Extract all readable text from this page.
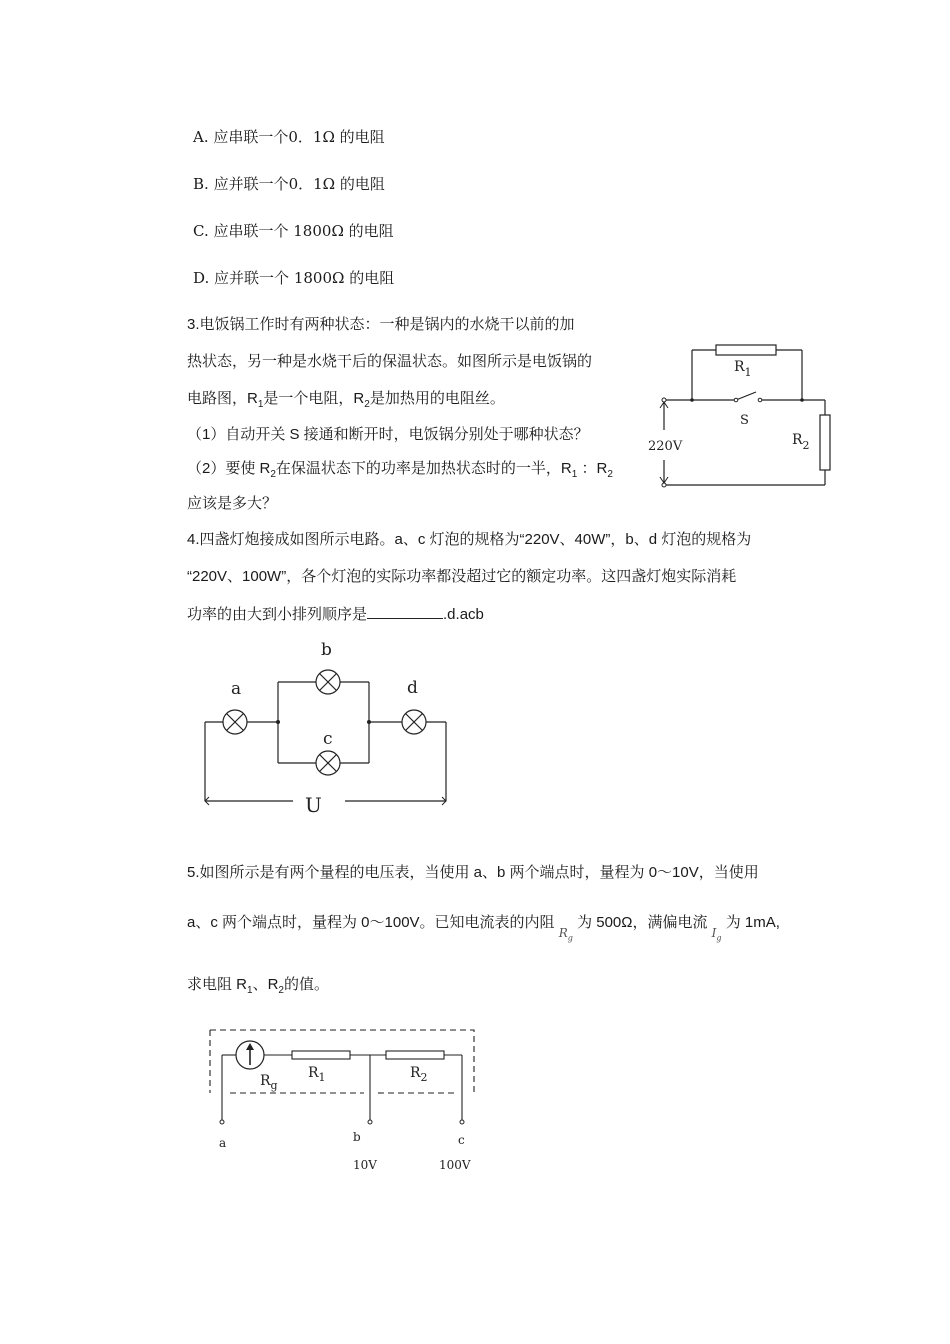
A. 应串联一个0．1Ω 的电阻
B. 应并联一个0．1Ω 的电阻
C. 应串联一个 1800Ω 的电阻
D. 应并联一个 1800Ω 的电阻
3.电饭锅工作时有两种状态：一种是锅内的水烧干以前的加
热状态，另一种是水烧干后的保温状态。如图所示是电饭锅的
电路图，$R_1$是一个电阻，$R_2$是加热用的电阻丝。
（1）自动开关 S 接通和断开时，电饭锅分别处于哪种状态？
（2）要使 $R_2$在保温状态下的功率是加热状态时的一半，$R_1$ ：$R_2$
应该是多大？
$R_1$
S
220V	$R_2$
4.四盏灯炮接成如图所示电路。a、c 灯泡的规格为“220V、40W”，b、d 灯泡的规格为
“220V、100W”，各个灯泡的实际功率都没超过它的额定功率。这四盏灯炮实际消耗
功率的由大到小排列顺序是	.d.acb
a
b
c
d
U
5.如图所示是有两个量程的电压表，当使用 a、b 两个端点时，量程为 0～10V，当使用
a、c 两个端点时，量程为 0～100V。已知电流表的内阻 $_{R_g}$ 为 500Ω，满偏电流 $_{I_g}$ 为 1mA,
求电阻 $R_1$、$R_2$的值。
$R_g$
$R_1$	$R_2$
a	b	c
10V	100V
